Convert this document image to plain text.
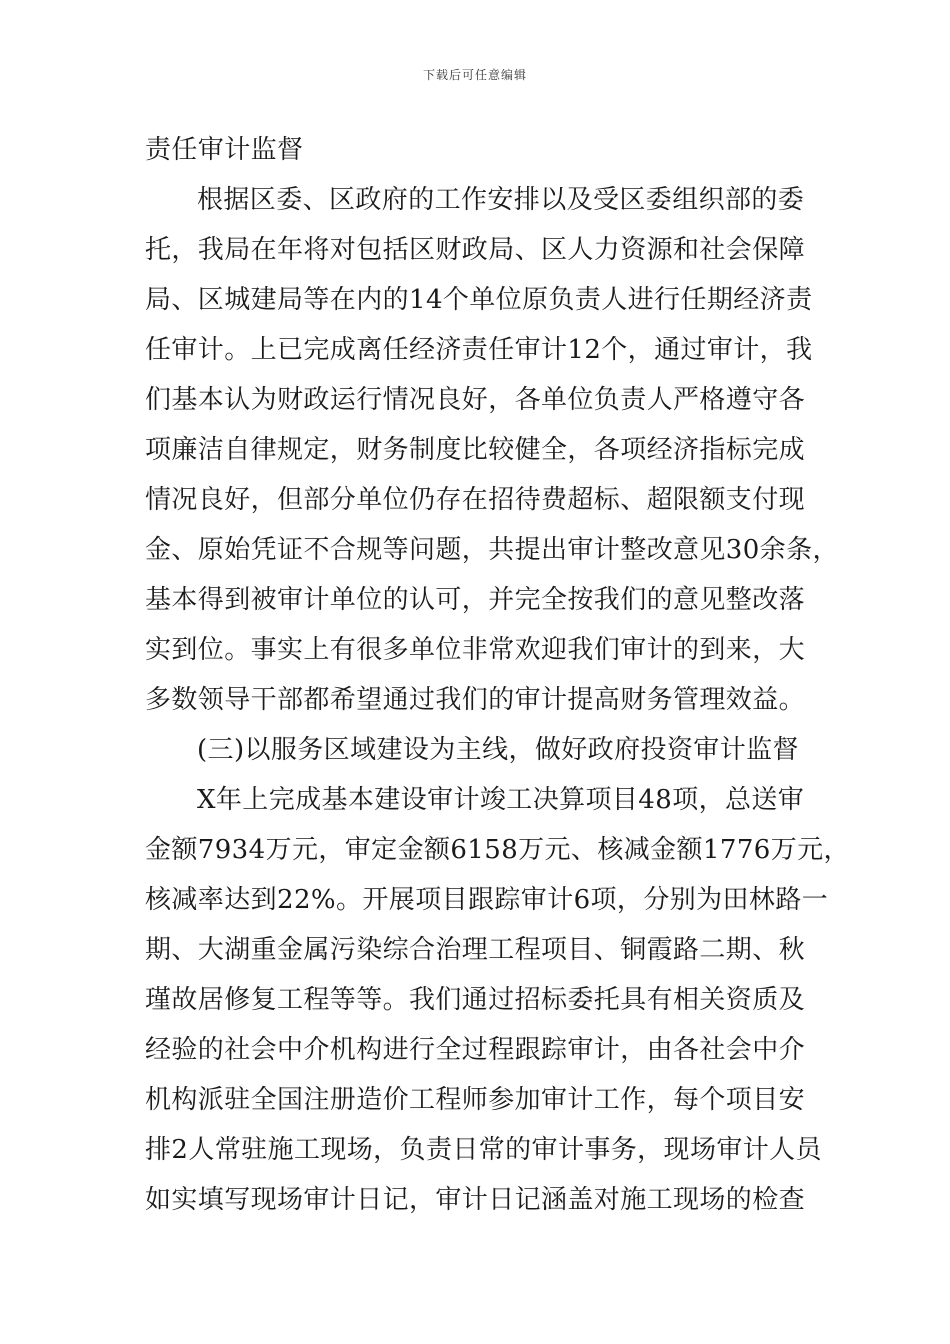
下载后可任意编辑
责任审计监督
根据区委、区政府的工作安排以及受区委组织部的委
托，我局在年将对包括区财政局、区人力资源和社会保障
局、区城建局等在内的14个单位原负责人进行任期经济责
任审计。上已完成离任经济责任审计12个，通过审计，我
们基本认为财政运行情况良好，各单位负责人严格遵守各
项廉洁自律规定，财务制度比较健全，各项经济指标完成
情况良好，但部分单位仍存在招待费超标、超限额支付现
金、原始凭证不合规等问题，共提出审计整改意见30余条，
基本得到被审计单位的认可，并完全按我们的意见整改落
实到位。事实上有很多单位非常欢迎我们审计的到来，大
多数领导干部都希望通过我们的审计提高财务管理效益。
(三)以服务区域建设为主线，做好政府投资审计监督
X年上完成基本建设审计竣工决算项目48项，总送审
金额7934万元，审定金额6158万元、核减金额1776万元，
核减率达到22%。开展项目跟踪审计6项，分别为田林路一
期、大湖重金属污染综合治理工程项目、铜霞路二期、秋
瑾故居修复工程等等。我们通过招标委托具有相关资质及
经验的社会中介机构进行全过程跟踪审计，由各社会中介
机构派驻全国注册造价工程师参加审计工作，每个项目安
排2人常驻施工现场，负责日常的审计事务，现场审计人员
如实填写现场审计日记，审计日记涵盖对施工现场的检查
